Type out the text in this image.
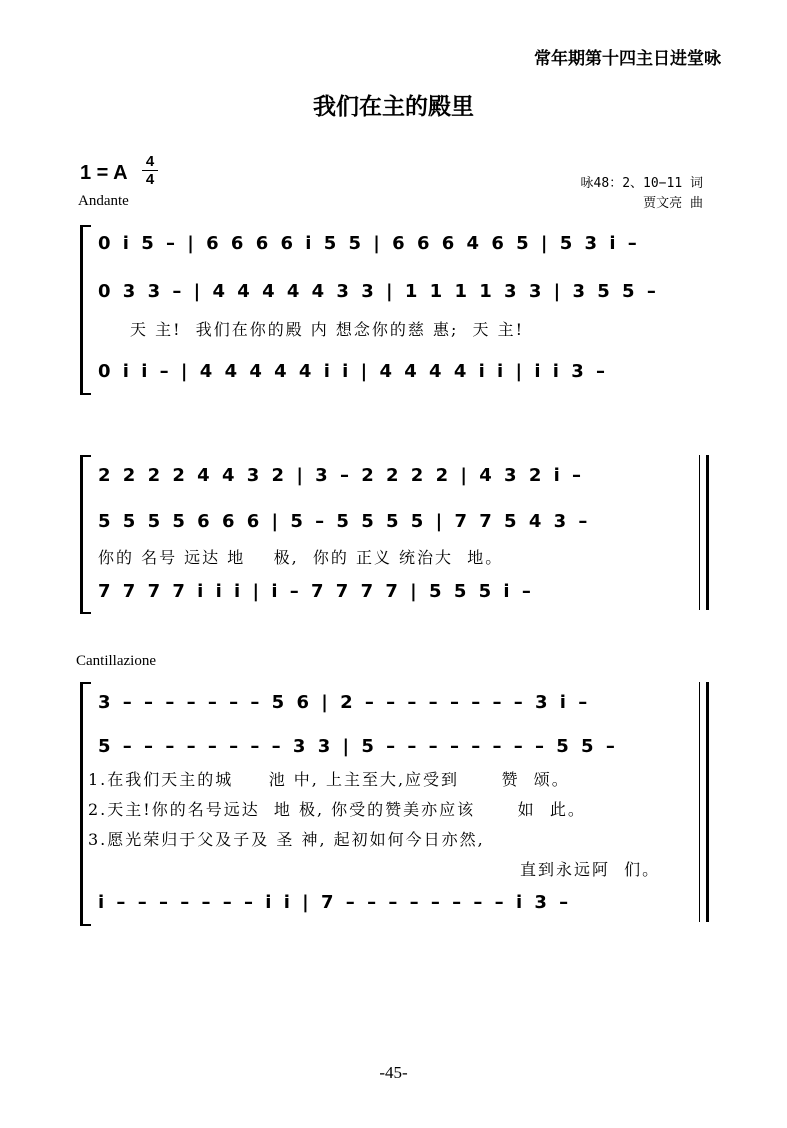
常年期第十四主日进堂咏
我们在主的殿里
1 = A
4
4
Andante
咏48：2、10−11 词
贾文亮 曲
0 i 5 – | 6 6 6 6 i 5 5 | 6 6 6 4 6 5 | 5 3 i –
0 3 3 – | 4 4 4 4 4 3 3 | 1 1 1 1 3 3 | 3 5 5 –
天 主!  我们在你的殿 内 想念你的慈 惠;  天 主!
0 i i – | 4 4 4 4 4 i i | 4 4 4 4 i i | i i 3 –
2 2 2 2 4 4 3 2 | 3 – 2 2 2 2 | 4 3 2 i –
5 5 5 5 6 6 6 | 5 – 5 5 5 5 | 7 7 5 4 3 –
你的 名号 远达 地    极,  你的 正义 统治大  地。
7 7 7 7 i i i | i – 7 7 7 7 | 5 5 5 i –
Cantillazione
3 – – – – – – – 5 6 | 2 – – – – – – – – 3 i –
5 – – – – – – – – 3 3 | 5 – – – – – – – – 5 5 –
1.在我们天主的城     池 中, 上主至大,应受到      赞  颂。
2.天主!你的名号远达  地 极, 你受的赞美亦应该      如  此。
3.愿光荣归于父及子及 圣 神, 起初如何今日亦然,
直到永远阿  们。
i – – – – – – – i i | 7 – – – – – – – – i 3 –
-45-
